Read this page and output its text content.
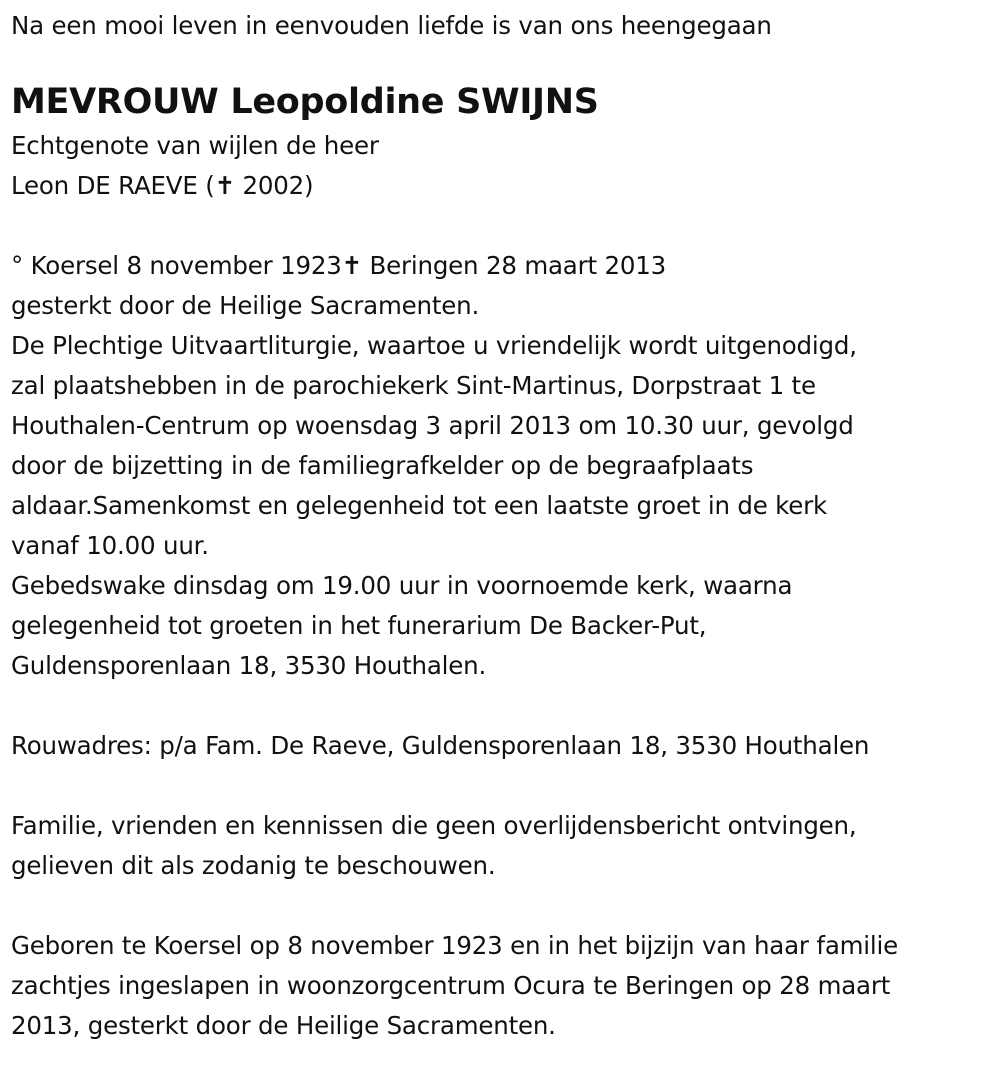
Na een mooi leven in eenvouden liefde is van ons heengegaan
MEVROUW Leopoldine SWIJNS
Echtgenote van wijlen de heer
Leon DE RAEVE (✝ 2002)
° Koersel 8 november 1923✝ Beringen 28 maart 2013
gesterkt door de Heilige Sacramenten.
De Plechtige Uitvaartliturgie, waartoe u vriendelijk wordt uitgenodigd,
zal plaatshebben in de parochiekerk Sint-Martinus, Dorpstraat 1 te
Houthalen-Centrum op woensdag 3 april 2013 om 10.30 uur, gevolgd
door de bijzetting in de familiegrafkelder op de begraafplaats
aldaar.Samenkomst en gelegenheid tot een laatste groet in de kerk
vanaf 10.00 uur.
Gebedswake dinsdag om 19.00 uur in voornoemde kerk, waarna
gelegenheid tot groeten in het funerarium De Backer-Put,
Guldensporenlaan 18, 3530 Houthalen.
Rouwadres: p/a Fam. De Raeve, Guldensporenlaan 18, 3530 Houthalen
Familie, vrienden en kennissen die geen overlijdensbericht ontvingen,
gelieven dit als zodanig te beschouwen.
Geboren te Koersel op 8 november 1923 en in het bijzijn van haar familie
zachtjes ingeslapen in woonzorgcentrum Ocura te Beringen op 28 maart
2013, gesterkt door de Heilige Sacramenten.
